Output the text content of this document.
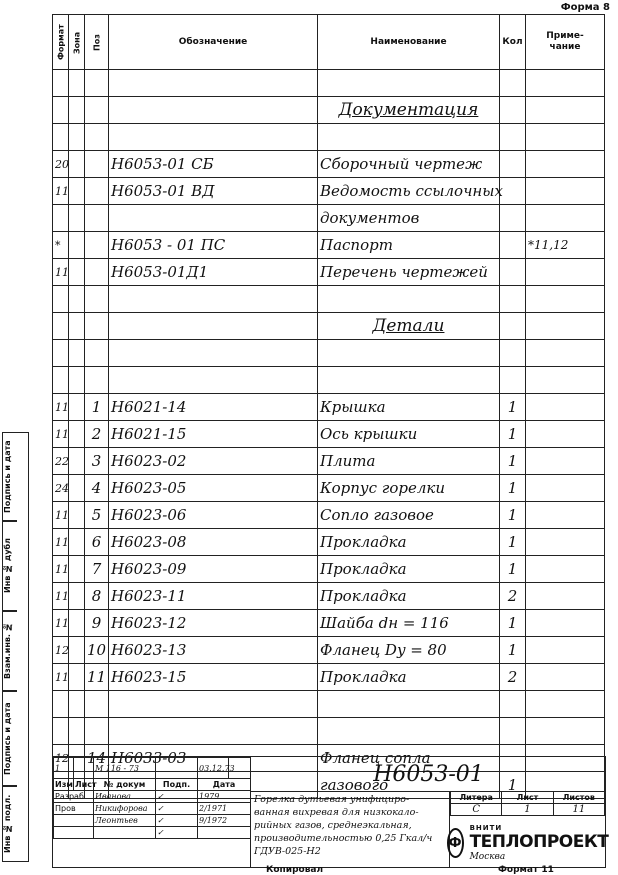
Форма 8
Подпись и дата
Инв № дубл
Взам.инв. №
Подпись и дата
Инв № подл.
Формат	Зона	Поз	Обозначение	Наименование	Кол	Приме-
чание

				Документация		

20			Н6053-01 СБ	Сборочный чертеж		
11			Н6053-01 ВД	Ведомость ссылочных		
				документов		
*			Н6053 - 01 ПС	Паспорт		*11,12
11			Н6053-01Д1	Перечень чертежей		

				Детали		

11		1	Н6021-14	Крышка	1	
11		2	Н6021-15	Ось крышки	1	
22		3	Н6023-02	Плита	1	
24		4	Н6023-05	Корпус горелки	1	
11		5	Н6023-06	Сопло газовое	1	
11		6	Н6023-08	Прокладка	1	
11		7	Н6023-09	Прокладка	1	
11		8	Н6023-11	Прокладка	2	
11		9	Н6023-12	Шайба dн = 116	1	
12		10	Н6023-13	Фланец Dy = 80	1	
11		11	Н6023-15	Прокладка	2	

12		14	Н6033-03	Фланец сопла		
				газового	1	
1		М 116 - 73		03.12.73	
Изм	Лист	№ докум	Подп.	Дата	
Разраб		Иванова	✓	1979	
Пров		Никифорова	✓	2/1971	
		Леонтьев	✓	9/1972	
			✓		
Н6053-01
Горелка дутьевая унифициро-
ванная вихревая для низкокало-
рийных газов, среднеэкальная,
производительностью 0,25 Гкал/ч
ГДУВ-025-Н2
Литера	Лист	Листов
С	1	11
Ф
ВНИТИ
ТЕПЛОПРОЕКТ
Москва
Копировал	Формат 11
